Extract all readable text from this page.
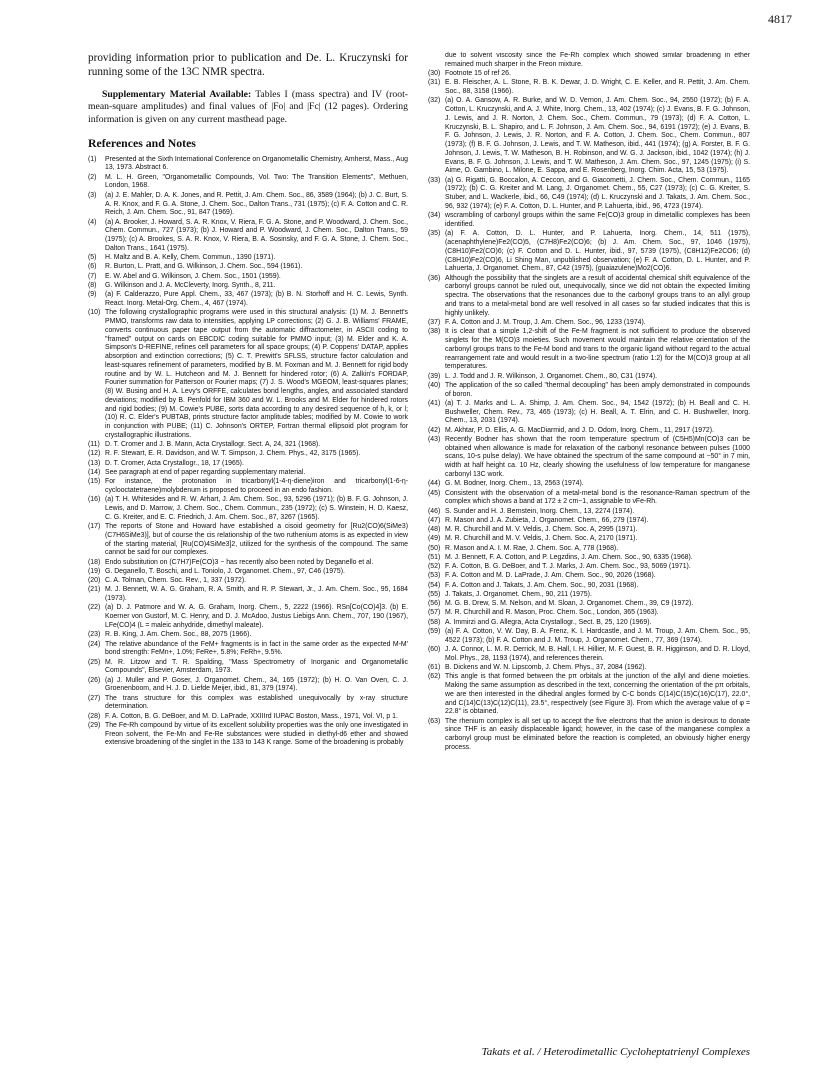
4817

providing information prior to publication and De. L. Kruczynski for running some of the 13C NMR spectra.

Supplementary Material Available: Tables I (mass spectra) and IV (root-mean-square amplitudes) and final values of |Fo| and |Fc| (12 pages). Ordering information is given on any current masthead page.

References and Notes
(1)	Presented at the Sixth International Conference on Organometallic Chemistry, Amherst, Mass., Aug 13, 1973. Abstract 6.
(2)	M. L. H. Green, "Organometallic Compounds, Vol. Two: The Transition Elements", Methuen, London, 1968.
(3)	(a) J. E. Mahler, D. A. K. Jones, and R. Pettit, J. Am. Chem. Soc., 86, 3589 (1964); (b) J. C. Burt, S. A. R. Knox, and F. G. A. Stone, J. Chem. Soc., Dalton Trans., 731 (1975); (c) F. A. Cotton and C. R. Reich, J. Am. Chem. Soc., 91, 847 (1969).
(4)	(a) A. Brooker, J. Howard, S. A. R. Knox, V. Riera, F. G. A. Stone, and P. Woodward, J. Chem. Soc., Chem. Commun., 727 (1973); (b) J. Howard and P. Woodward, J. Chem. Soc., Dalton Trans., 59 (1975); (c) A. Brookes, S. A. R. Knox, V. Riera, B. A. Sosinsky, and F. G. A. Stone, J. Chem. Soc., Dalton Trans., 1641 (1975).
(5)	H. Maltz and B. A. Kelly, Chem. Commun., 1390 (1971).
(6)	R. Burton, L. Pratt, and G. Wilkinson, J. Chem. Soc., 594 (1961).
(7)	E. W. Abel and G. Wilkinson, J. Chem. Soc., 1501 (1959).
(8)	G. Wilkinson and J. A. McCleverty, Inorg. Synth., 8, 211.
(9)	(a) F. Calderazzo, Pure Appl. Chem., 33, 467 (1973); (b) B. N. Storhoff and H. C. Lewis, Synth. React. Inorg. Metal-Org. Chem., 4, 467 (1974).
(10) The following crystallographic programs were used in this structural analysis: (1) M. J. Bennett's PMMO, transforms raw data to intensities, applying LP corrections; (2) G. J. B. Williams' FRAME, converts continuous paper tape output from the automatic diffractometer, in ASCII coding to "framed" output on cards on EBCDIC coding suitable for PMMO input; (3) M. Elder and K. A. Simpson's D-REFINE, refines cell parameters for all space groups; (4) P. Coppens' DATAP, applies absorption and extinction corrections; (5) C. T. Prewitt's SFLSS, structure factor calculation and least-squares refinement of parameters, modified by B. M. Foxman and M. J. Bennett for rigid body routine and by W. L. Hutcheon and M. J. Bennett for hindered rotor; (6) A. Zalkin's FORDAP, Fourier summation for Patterson or Fourier maps; (7) J. S. Wood's MGEOM, least-squares planes; (8) W. Busing and H. A. Levy's ORFFE, calculates bond lengths, angles, and associated standard deviations; modified by B. Penfold for IBM 360 and W. L. Brooks and M. Elder for hindered rotors and rigid bodies; (9) M. Cowie's PUBE, sorts data according to any desired sequence of h, k, or l; (10) R. C. Elder's PUBTAB, prints structure factor amplitude tables; modified by M. Cowie to work in conjunction with PUBE; (11) C. Johnson's ORTEP, Fortran thermal ellipsoid plot program for crystallographic illustrations.
(11) D. T. Cromer and J. B. Mann, Acta Crystallogr. Sect. A, 24, 321 (1968).
(12) R. F. Stewart, E. R. Davidson, and W. T. Simpson, J. Chem. Phys., 42, 3175 (1965).
(13) D. T. Cromer, Acta Crystallogr., 18, 17 (1965).
(14) See paragraph at end of paper regarding supplementary material.
(15) For instance, the protonation in tricarbonyl(1-4-η-diene)iron and tricarbonyl(1-6-η-cyclooctatetraene)molybdenum is proposed to proceed in an endo fashion.
(16) (a) T. H. Whitesides and R. W. Arhart, J. Am. Chem. Soc., 93, 5296 (1971); (b) B. F. G. Johnson, J. Lewis, and D. Marrow, J. Chem. Soc., Chem. Commun., 235 (1972); (c) S. Winstein, H. D. Kaesz, C. G. Kreiter, and E. C. Friedrich, J. Am. Chem. Soc., 87, 3267 (1965).
(17) The reports of Stone and Howard have established a cisoid geometry for [Ru2(CO)6(SiMe3)(C7H6SiMe3)], but of course the cis relationship of the two ruthenium atoms is as expected in view of the starting material, [Ru(CO)4SiMe3]2, utilized for the synthesis of the compound. The same cannot be said for our complexes.
(18) Endo substitution on (C7H7)Fe(CO)3 − has recently also been noted by Deganello et al.
(19) G. Deganello, T. Boschi, and L. Toniolo, J. Organomet. Chem., 97, C46 (1975).
(20) C. A. Tolman, Chem. Soc. Rev., 1, 337 (1972).
(21) M. J. Bennett, W. A. G. Graham, R. A. Smith, and R. P. Stewart, Jr., J. Am. Chem. Soc., 95, 1684 (1973).
(22) (a) D. J. Patmore and W. A. G. Graham, Inorg. Chem., 5, 2222 (1966). RSn[Co(CO)4]3. (b) E. Koerner von Gustorf, M. C. Henry, and D. J. McAdoo, Justus Liebigs Ann. Chem., 707, 190 (1967), LFe(CO)4 (L = maleic anhydride, dimethyl maleate).
(23) R. B. King, J. Am. Chem. Soc., 88, 2075 (1966).
(24) The relative abundance of the FeM+ fragments is in fact in the same order as the expected M-M' bond strength: FeMn+, 1.0%; FeRe+, 5.8%; FeRh+, 9.5%.
(25) M. R. Litzow and T. R. Spalding, "Mass Spectrometry of Inorganic and Organometallic Compounds", Elsevier, Amsterdam, 1973.
(26) (a) J. Muller and P. Goser, J. Organomet. Chem., 34, 165 (1972); (b) H. O. Van Oven, C. J. Groenenboom, and H. J. D. Liefde Meijer, ibid., 81, 379 (1974).
(27) The trans structure for this complex was established unequivocally by x-ray structure determination.
(28) F. A. Cotton, B. G. DeBoer, and M. D. LaPrade, XXIIIrd IUPAC Boston, Mass., 1971, Vol. VI, p 1.
(29) The Fe-Rh compound by virtue of its excellent solubility properties was the only one investigated in Freon solvent, the Fe-Mn and Fe-Re substances were studied in diethyl-d6 ether and showed extensive broadening of the singlet in the 133 to 143 K range. Some of the broadening is probably
due to solvent viscosity since the Fe-Rh complex which showed similar broadening in ether remained much sharper in the Freon mixture.
(30) Footnote 15 of ref 26.
(31) E. B. Fleischer, A. L. Stone, R. B. K. Dewar, J. D. Wright, C. E. Keller, and R. Pettit, J. Am. Chem. Soc., 88, 3158 (1966).
(32) (a) O. A. Gansow, A. R. Burke, and W. D. Vernon, J. Am. Chem. Soc., 94, 2550 (1972); (b) F. A. Cotton, L. Kruczynski, and A. J. White, Inorg. Chem., 13, 402 (1974); (c) J. Evans, B. F. G. Johnson, J. Lewis, and J. R. Norton, J. Chem. Soc., Chem. Commun., 79 (1973); (d) F. A. Cotton, L. Kruczynski, B. L. Shapiro, and L. F. Johnson, J. Am. Chem. Soc., 94, 6191 (1972); (e) J. Evans, B. F. G. Johnson, J. Lewis, J. R. Norton, and F. A. Cotton, J. Chem. Soc., Chem. Commun., 807 (1973); (f) B. F. G. Johnson, J. Lewis, and T. W. Matheson, ibid., 441 (1974); (g) A. Forster, B. F. G. Johnson, J. Lewis, T. W. Matheson, B. H. Robinson, and W. G. J. Jackson, ibid., 1042 (1974); (h) J. Evans, B. F. G. Johnson, J. Lewis, and T. W. Matheson, J. Am. Chem. Soc., 97, 1245 (1975); (i) S. Aime, O. Gambino, L. Milone, E. Sappa, and E. Rosenberg, Inorg. Chim. Acta, 15, 53 (1975).
(33) (a) G. Rigatti, G. Boccalon, A. Ceccon, and G. Giacometti, J. Chem. Soc., Chem. Commun., 1165 (1972); (b) C. G. Kreiter and M. Lang, J. Organomet. Chem., 55, C27 (1973); (c) C. G. Kreiter, S. Stuber, and L. Wackerle, ibid., 66, C49 (1974); (d) L. Kruczynski and J. Takats, J. Am. Chem. Soc., 96, 932 (1974); (e) F. A. Cotton, D. L. Hunter, and P. Lahuerta, ibid., 96, 4723 (1974).
(34) wscrambling of carbonyl groups within the same Fe(CO)3 group in dimetallic complexes has been identified.
(35) (a) F. A. Cotton, D. L. Hunter, and P. Lahuerta, Inorg. Chem., 14, 511 (1975), (acenaphthylene)Fe2(CO)5, (C7H8)Fe2(CO)6; (b) J. Am. Chem. Soc., 97, 1046 (1975), (C8H10)Fe2(CO)6; (c) F. Cotton and D. L. Hunter, ibid., 97, 5739 (1975), (C8H12)Fe2CO6; (d) (C8H10)Fe2(CO)6, Li Shing Man, unpublished observation; (e) F. A. Cotton, D. L. Hunter, and P. Lahuerta, J. Organomet. Chem., 87, C42 (1975), (guaiazulene)Mo2(CO)6.
(36) Although the possibility that the singlets are a result of accidental chemical shift equivalence of the carbonyl groups cannot be ruled out, unequivocally, since we did not obtain the expected limiting spectra. The observations that the resonances due to the carbonyl groups trans to an allyl group and trans to a metal-metal bond are well resolved in all cases so far studied indicates that this is highly unlikely.
(37) F. A. Cotton and J. M. Troup, J. Am. Chem. Soc., 96, 1233 (1974).
(38) It is clear that a simple 1,2-shift of the Fe-M fragment is not sufficient to produce the observed singlets for the M(CO)3 moieties. Such movement would maintain the relative orientation of the carbonyl groups trans to the Fe-M bond and trans to the organic ligand without regard to the actual rearrangement rate and would result in a two-line spectrum (ratio 1:2) for the M(CO)3 group at all temperatures.
(39) L. J. Todd and J. R. Wilkinson, J. Organomet. Chem., 80, C31 (1974).
(40) The application of the so called "thermal decoupling" has been amply demonstrated in compounds of boron.
(41) (a) T. J. Marks and L. A. Shimp, J. Am. Chem. Soc., 94, 1542 (1972); (b) H. Beall and C. H. Bushweller, Chem. Rev., 73, 465 (1973); (c) H. Beall, A. T. Elrin, and C. H. Bushweller, Inorg. Chem., 13, 2031 (1974).
(42) M. Akhtar, P. D. Ellis, A. G. MacDiarmid, and J. D. Odom, Inorg. Chem., 11, 2917 (1972).
(43) Recently Bodner has shown that the room temperature spectrum of (C5H5)Mn(CO)3 can be obtained when allowance is made for relaxation of the carbonyl resonance between pulses (1000 scans, 10-s pulse delay). We have obtained the spectrum of the same compound at −50° in 7 min, width at half height ca. 10 Hz, clearly showing the usefulness of low temperature for manganese carbonyl 13C work.
(44) G. M. Bodner, Inorg. Chem., 13, 2563 (1974).
(45) Consistent with the observation of a metal-metal bond is the resonance-Raman spectrum of the complex which shows a band at 172 ± 2 cm−1, assignable to νFe-Rh.
(46) S. Sunder and H. J. Bernstein, Inorg. Chem., 13, 2274 (1974).
(47) R. Mason and J. A. Zubieta, J. Organomet. Chem., 66, 279 (1974).
(48) M. R. Churchill and M. V. Veldis, J. Chem. Soc. A, 2995 (1971).
(49) M. R. Churchill and M. V. Veldis, J. Chem. Soc. A, 2170 (1971).
(50) R. Mason and A. I. M. Rae, J. Chem. Soc. A, 778 (1968).
(51) M. J. Bennett, F. A. Cotton, and P. Legzdins, J. Am. Chem. Soc., 90, 6335 (1968).
(52) F. A. Cotton, B. G. DeBoer, and T. J. Marks, J. Am. Chem. Soc., 93, 5069 (1971).
(53) F. A. Cotton and M. D. LaPrade, J. Am. Chem. Soc., 90, 2026 (1968).
(54) F. A. Cotton and J. Takats, J. Am. Chem. Soc., 90, 2031 (1968).
(55) J. Takats, J. Organomet. Chem., 90, 211 (1975).
(56) M. G. B. Drew, S. M. Nelson, and M. Sloan, J. Organomet. Chem., 39, C9 (1972).
(57) M. R. Churchill and R. Mason, Proc. Chem. Soc., London, 365 (1963).
(58) A. Immirzi and G. Allegra, Acta Crystallogr., Sect. B, 25, 120 (1969).
(59) (a) F. A. Cotton, V. W. Day, B. A. Frenz, K. I. Hardcastle, and J. M. Troup, J. Am. Chem. Soc., 95, 4522 (1973); (b) F. A. Cotton and J. M. Troup, J. Organomet. Chem., 77, 369 (1974).
(60) J. A. Connor, L. M. R. Derrick, M. B. Hall, I. H. Hillier, M. F. Guest, B. R. Higginson, and D. R. Lloyd, Mol. Phys., 28, 1193 (1974), and references therein.
(61) B. Dickens and W. N. Lipscomb, J. Chem. Phys., 37, 2084 (1962).
(62) This angle is that formed between the pπ orbitals at the junction of the allyl and diene moieties. Making the same assumption as described in the text, concerning the orientation of the pπ orbitals, we are then interested in the dihedral angles formed by C-C bonds C(14)C(15)C(16)C(17), 22.0°, and C(14)C(13)C(12)C(11), 23.5°, respectively (see Figure 3). From which the average value of φ = 22.8° is obtained.
(63) The rhenium complex is all set up to accept the five electrons that the anion is desirous to donate since THF is an easily displaceable ligand; however, in the case of the manganese complex a carbonyl group must be eliminated before the reaction is completed, an obviously higher energy process.
Takats et al. / Heterodimetallic Cycloheptatrienyl Complexes
